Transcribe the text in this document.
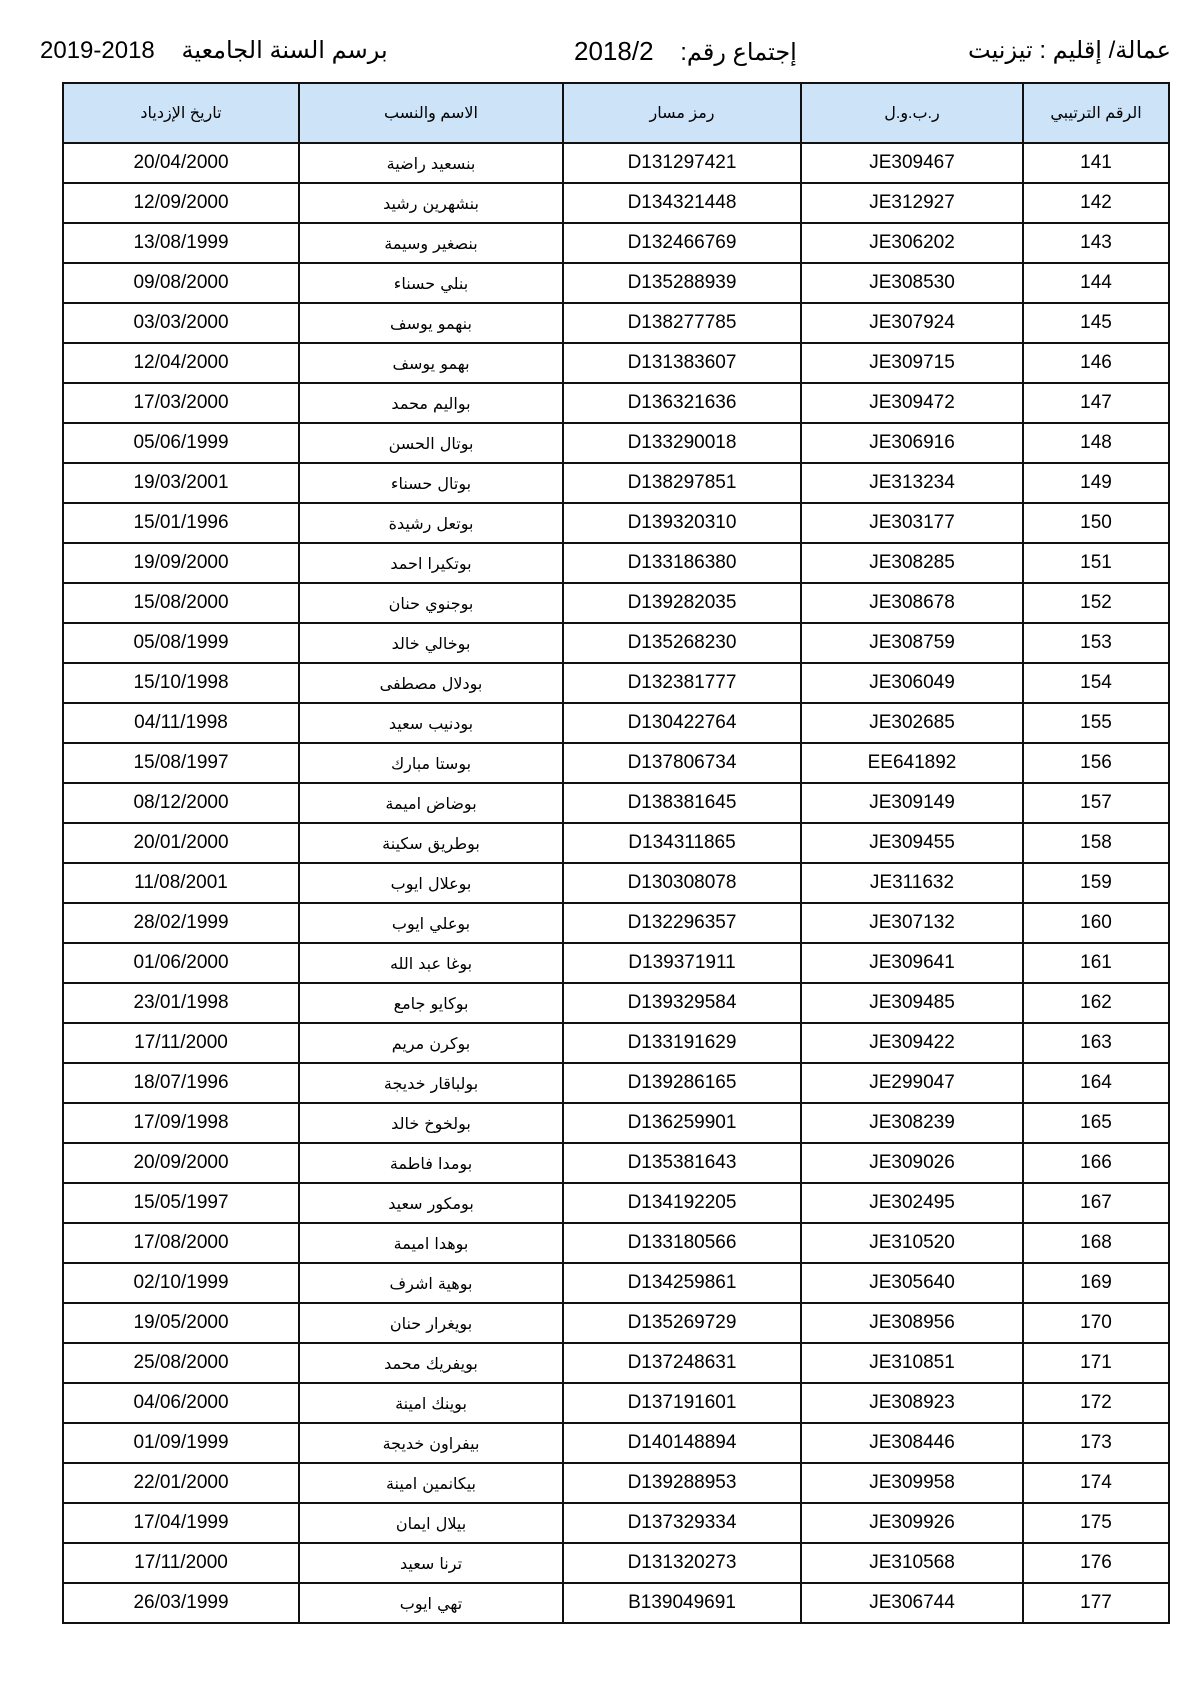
عمالة/ إقليم : تيزنيت
2018/2 إجتماع رقم:
2019-2018 برسم السنة الجامعية
تاريخ الإزدياد	الاسم والنسب	رمز مسار	ر.ب.و.ل	الرقم الترتيبي
20/04/2000	بنسعيد راضية	D131297421	JE309467	141
12/09/2000	بنشهرين رشيد	D134321448	JE312927	142
13/08/1999	بنصغير وسيمة	D132466769	JE306202	143
09/08/2000	بنلي حسناء	D135288939	JE308530	144
03/03/2000	بنهمو يوسف	D138277785	JE307924	145
12/04/2000	بهمو يوسف	D131383607	JE309715	146
17/03/2000	بواليم محمد	D136321636	JE309472	147
05/06/1999	بوتال الحسن	D133290018	JE306916	148
19/03/2001	بوتال حسناء	D138297851	JE313234	149
15/01/1996	بوتعل رشيدة	D139320310	JE303177	150
19/09/2000	بوتكيرا احمد	D133186380	JE308285	151
15/08/2000	بوجنوي حنان	D139282035	JE308678	152
05/08/1999	بوخالي خالد	D135268230	JE308759	153
15/10/1998	بودلال مصطفى	D132381777	JE306049	154
04/11/1998	بودنيب سعيد	D130422764	JE302685	155
15/08/1997	بوستا مبارك	D137806734	EE641892	156
08/12/2000	بوضاض اميمة	D138381645	JE309149	157
20/01/2000	بوطريق سكينة	D134311865	JE309455	158
11/08/2001	بوعلال ايوب	D130308078	JE311632	159
28/02/1999	بوعلي ايوب	D132296357	JE307132	160
01/06/2000	بوغا عبد الله	D139371911	JE309641	161
23/01/1998	بوكايو جامع	D139329584	JE309485	162
17/11/2000	بوكرن مريم	D133191629	JE309422	163
18/07/1996	بولباقار خديجة	D139286165	JE299047	164
17/09/1998	بولخوخ خالد	D136259901	JE308239	165
20/09/2000	بومدا فاطمة	D135381643	JE309026	166
15/05/1997	بومكور سعيد	D134192205	JE302495	167
17/08/2000	بوهدا اميمة	D133180566	JE310520	168
02/10/1999	بوهية اشرف	D134259861	JE305640	169
19/05/2000	بويغرار حنان	D135269729	JE308956	170
25/08/2000	بويفريك محمد	D137248631	JE310851	171
04/06/2000	بوينك امينة	D137191601	JE308923	172
01/09/1999	بيفراون خديجة	D140148894	JE308446	173
22/01/2000	بيكانمين امينة	D139288953	JE309958	174
17/04/1999	بيلال ايمان	D137329334	JE309926	175
17/11/2000	ترنا سعيد	D131320273	JE310568	176
26/03/1999	تهي ايوب	B139049691	JE306744	177
